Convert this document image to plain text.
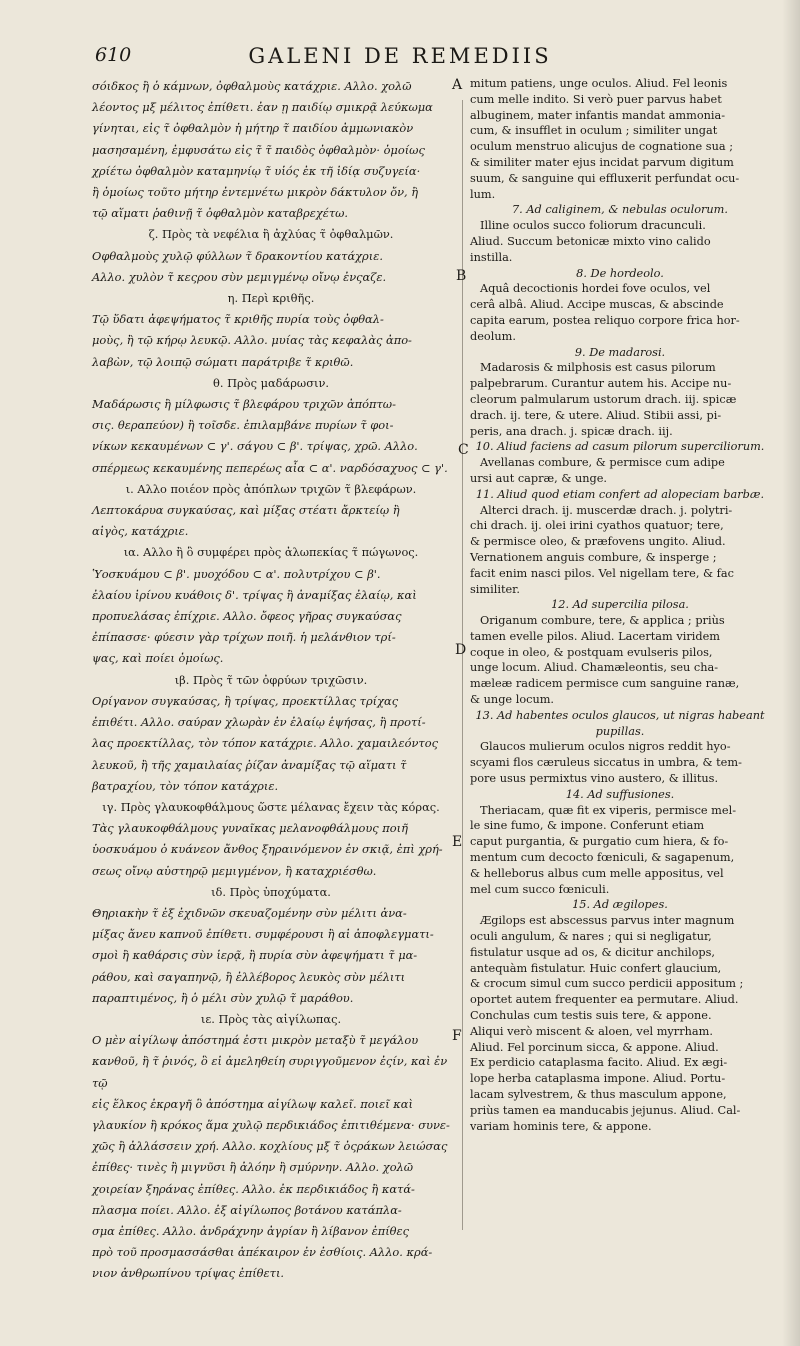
610	GALENI DE REMEDIIS

σόιδκος ἢ ὁ κάμνων, ὀφθαλμοὺς κατάχριε. Αλλο. χολῶ

λέοντος μξ μέλιτος ἐπίθετι. ἐαν ῃ παιδίῳ σμικρᾷ λεύκωμα

γίνηται, εἰς τ̃ ὀφθαλμὸν ἡ μήτηρ τ̃ παιδίου ἀμμωνιακὸν

μασησαμένη, ἐμφυσάτω εἰς τ̃ τ̃ παιδὸς ὀφθαλμὸν· ὁμοίως

χρίέτω ὀφθαλμὸν καταμηνίῳ τ̃ υἱός ἐκ τῆ ἰδίᾳ συζυγεία·

ἢ ὁμοίως τοῦτο μήτηρ ἐντεμνέτω μικρὸν δάκτυλον ὄν, ἢ

τῷ αἵματι ῥαθινῇ τ̃ ὀφθαλμὸν καταβρεχέτω.

ζ. Πρὸς τὰ νεφέλια ἢ ἀχλύας τ̃ ὀφθαλμῶν.

Οφθαλμοὺς χυλῷ φύλλων τ̃ δρακοντίου κατάχριε.

Αλλο. χυλὸν τ̃ κεςρου σὺν μεμιγμένῳ οἴνῳ ἐνςαζε.

η. Περὶ κριθῆς.

Τῷ ὕδατι ἀφεψήματος τ̃ κριθῆς πυρία τοὺς ὀφθαλ-

μοὺς, ἢ τῷ κήρῳ λευκῷ. Αλλο. μυίας τὰς κεφαλὰς ἀπο-

λαβὼν, τῷ λοιπῷ σώματι παράτριβε τ̃ κριθῶ.

θ. Πρὸς μαδάρωσιν.

Μαδάρωσις ἢ μίλφωσις τ̃ βλεφάρου τριχῶν ἀπόπτω-

σις. θεραπεύον) ἢ τοῖσδε. ἐπιλαμβάνε πυρίων τ̃ φοι-

νίκων κεκαυμένων ⊂ γ'. σάγου ⊂ β'. τρίψας, χρῶ. Αλλο.

σπέρμεως κεκαυμένης πεπερέως αἶα ⊂ α'. ναρδόσαχυος ⊂ γ'.

ι. Αλλο ποιέον πρὸς ἀπόπλων τριχῶν τ̃ βλεφάρων.

Λεπτοκάρυα συγκαύσας, καὶ μίξας στέατι ἄρκτείῳ ἢ

αἰγὸς, κατάχριε.

ια. Αλλο ἢ ὃ συμφέρει πρὸς ἀλωπεκίας τ̃ πώγωνος.

Ὑοσκυάμου ⊂ β'. μυοχόδου ⊂ α'. πολυτρίχου ⊂ β'.

ἐλαίου ἰρίνου κυάθοις δ'. τρίψας ἢ ἀναμίξας ἐλαίῳ, καὶ

προπυελάσας ἐπίχριε. Αλλο. ὄφεος γῆρας συγκαύσας

ἐπίπασσε· φύεσιν γὰρ τρίχων ποιῆ. ἡ μελάνθιον τρί-

ψας, καὶ ποίει ὁμοίως.

ιβ. Πρὸς τ̃ τῶν ὀφρύων τριχῶσιν.

Ορίγανον συγκαύσας, ἢ τρίψας, προεκτίλλας τρίχας

ἐπιθέτι. Αλλο. σαύραν χλωρὰν ἐν ἐλαίῳ ἑψήσας, ἢ προτί-

λας προεκτίλλας, τὸν τόπον κατάχριε. Αλλο. χαμαιλεόντος

λευκοῦ, ἢ τῆς χαμαιλαίας ῥίζαν ἀναμίξας τῷ αἵματι τ̃

βατραχίου, τὸν τόπον κατάχριε.

ιγ. Πρὸς γλαυκοφθάλμους ὥστε μέλανας ἔχειν τὰς κόρας.

Τὰς γλαυκοφθάλμους γυναῖκας μελανοφθάλμους ποιῆ

ὑοσκυάμου ὁ κυάνεον ἄνθος ξηραινόμενον ἐν σκιᾷ, ἐπὶ χρή-

σεως οἴνῳ αὐστηρῷ μεμιγμένον, ἢ καταχριέσθω.

ιδ. Πρὸς ὑποχύματα.

Θηριακὴν τ̃ ἐξ ἐχιδνῶν σκευαζομένην σὺν μέλιτι ἀνα-

μίξας ἄνευ καπνοῦ ἐπίθετι. συμφέρουσι ἢ αἱ ἀποφλεγματι-

σμοὶ ἢ καθάρσις σὺν ἱερᾷ, ἢ πυρία σὺν ἀφεψήματι τ̃ μα-

ράθου, καὶ σαγαπηνῷ, ἢ ἐλλέβορος λευκὸς σὺν μέλιτι

παραπτιμένος, ἢ ὁ μέλι σὺν χυλῷ τ̃ μαράθου.

ιε. Πρὸς τὰς αἰγίλωπας.

Ο μὲν αἰγίλωψ ἀπόστημά ἐστι μικρὸν μεταξὺ τ̃ μεγάλου

κανθοῦ, ἢ τ̃ ῥινός, ὃ εἰ ἀμεληθείη συριγγοῦμενον ἐςίν, καὶ ἐν τῷ

εἰς ἕλκος ἐκραγῆ ὃ ἀπόστημα αἰγίλωψ καλεῖ. ποιεῖ καὶ

γλαυκίον ἢ κρόκος ἅμα χυλῷ περδικιάδος ἐπιτιθέμενα· συνε-

χῶς ἢ ἀλλάσσειν χρή. Αλλο. κοχλίους μξ τ̃ ὀςράκων λειώσας

ἐπίθες· τινὲς ἢ μιγνῦσι ἢ ἀλόην ἢ σμύρνην. Αλλο. χολῶ

χοιρείαν ξηράνας ἐπίθες. Αλλο. ἐκ περδικιάδος ἢ κατά-

πλασμα ποίει. Αλλο. ἐξ αἰγίλωπος βοτάνου κατάπλα-

σμα ἐπίθες. Αλλο. ἀνδράχνην ἀγρίαν ἢ λίβανον ἐπίθες

πρὸ τοῦ προσμασσάσθαι ἀπέκαιρον ἐν ἐσθίοις. Αλλο. κρά-

νιον ἀνθρωπίνου τρίψας ἐπίθετι.

mitum patiens, unge oculos. Aliud. Fel leonis

cum melle indito. Si verò puer parvus habet

albuginem, mater infantis mandat ammonia-

cum, & insufflet in oculum ; similiter ungat

oculum menstruo alicujus de cognatione sua ;

& similiter mater ejus incidat parvum digitum

suum, & sanguine qui effluxerit perfundat ocu-

lum.

7. Ad caliginem, & nebulas oculorum.

Illine oculos succo foliorum dracunculi.

Aliud. Succum betonicæ mixto vino calido

instilla.

8. De hordeolo.

Aquâ decoctionis hordei fove oculos, vel

cerâ albâ. Aliud. Accipe muscas, & abscinde

capita earum, postea reliquo corpore frica hor-

deolum.

9. De madarosi.

Madarosis & milphosis est casus pilorum

palpebrarum. Curantur autem his. Accipe nu-

cleorum palmularum ustorum drach. iij. spicæ

drach. ij. tere, & utere. Aliud. Stibii assi, pi-

peris, ana drach. j. spicæ drach. iij.

10. Aliud faciens ad casum pilorum superciliorum.

Avellanas combure, & permisce cum adipe

ursi aut capræ, & unge.

11. Aliud quod etiam confert ad alopeciam barbæ.

Alterci drach. ij. muscerdæ drach. j. polytri-

chi drach. ij. olei irini cyathos quatuor; tere,

& permisce oleo, & præfovens ungito. Aliud.

Vernationem anguis combure, & insperge ;

facit enim nasci pilos. Vel nigellam tere, & fac

similiter.

12. Ad supercilia pilosa.

Origanum combure, tere, & applica ; priùs

tamen evelle pilos. Aliud. Lacertam viridem

coque in oleo, & postquam evulseris pilos,

unge locum. Aliud. Chamæleontis, seu cha-

mæleæ radicem permisce cum sanguine ranæ,

& unge locum.

13. Ad habentes oculos glaucos, ut nigras habeant

pupillas.

Glaucos mulierum oculos nigros reddit hyo-

scyami flos cæruleus siccatus in umbra, & tem-

pore usus permixtus vino austero, & illitus.

14. Ad suffusiones.

Theriacam, quæ fit ex viperis, permisce mel-

le sine fumo, & impone. Conferunt etiam

caput purgantia, & purgatio cum hiera, & fo-

mentum cum decocto fœniculi, & sagapenum,

& helleborus albus cum melle appositus, vel

mel cum succo fœniculi.

15. Ad ægilopes.

Ægilops est abscessus parvus inter magnum

oculi angulum, & nares ; qui si negligatur,

fistulatur usque ad os, & dicitur anchilops,

antequàm fistulatur. Huic confert glaucium,

& crocum simul cum succo perdicii appositum ;

oportet autem frequenter ea permutare. Aliud.

Conchulas cum testis suis tere, & appone.

Aliqui verò miscent & aloen, vel myrrham.

Aliud. Fel porcinum sicca, & appone. Aliud.

Ex perdicio cataplasma facito. Aliud. Ex ægi-

lope herba cataplasma impone. Aliud. Portu-

lacam sylvestrem, & thus masculum appone,

priùs tamen ea manducabis jejunus. Aliud. Cal-

variam hominis tere, & appone.

A
B
C
D
E
F
